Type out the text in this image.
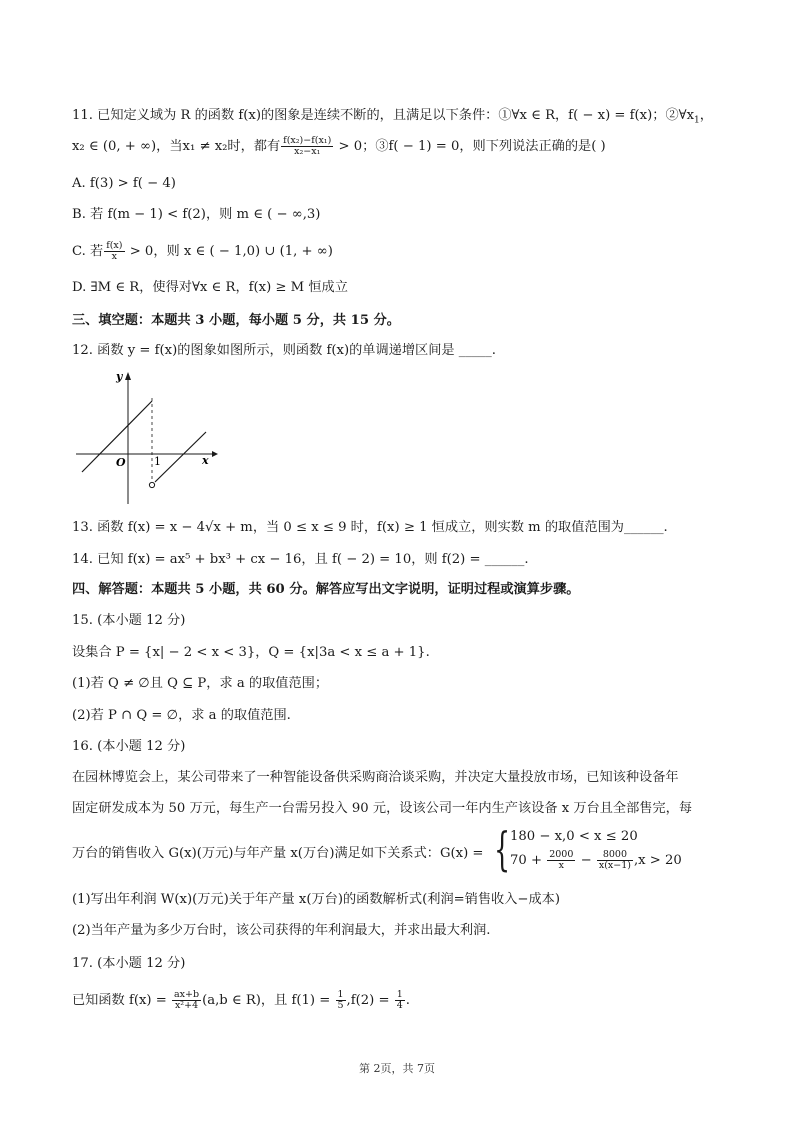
11. 已知定义域为 R 的函数 f(x)的图象是连续不断的，且满足以下条件：①∀x ∈ R，f( − x) = f(x)；$②\forall x_1$，
x₂ ∈ (0, + ∞)，当x₁ ≠ x₂时，都有 $\frac{\text{f(x₂)−f(x₁)}}{\text{x₂−x₁}} > 0$；③f( − 1) = 0，则下列说法正确的是( )
A. f(3) > f( − 4)
B. 若 f(m − 1) < f(2)，则 m ∈ ( − ∞,3)
C. 若 $\frac{f(x)}{x} > 0$，则 x ∈ ( − 1,0) ∪ (1, + ∞)
D. ∃M ∈ R，使得对∀x ∈ R，f(x) ≥ M 恒成立
三、填空题：本题共 3 小题，每小题 5 分，共 15 分。
12. 函数 y = f(x)的图象如图所示，则函数 f(x)的单调递增区间是 _____.
y
x
O	1
13. 函数 f(x) = x − 4√x + m，当 0 ≤ x ≤ 9 时，f(x) ≥ 1 恒成立，则实数 m 的取值范围为______.
14. 已知 f(x) = ax⁵ + bx³ + cx − 16，且 f( − 2) = 10，则 f(2) = ______.
四、解答题：本题共 5 小题，共 60 分。解答应写出文字说明，证明过程或演算步骤。
15. (本小题 12 分)
设集合 P = {x| − 2 < x < 3}，Q = {x|3a < x ≤ a + 1}.
(1)若 Q ≠ ∅且 Q ⊆ P，求 a 的取值范围；
(2)若 P ∩ Q = ∅，求 a 的取值范围.
16. (本小题 12 分)
在园林博览会上，某公司带来了一种智能设备供采购商洽谈采购，并决定大量投放市场，已知该种设备年
固定研发成本为 50 万元，每生产一台需另投入 90 元，设该公司一年内生产该设备 x 万台且全部售完，每
万台的销售收入 G(x)(万元)与年产量 x(万台)满足如下关系式：G(x) = { 180 − x,0 < x ≤ 20
$70 + \frac{2000}{x} - \frac{8000}{x(x-1)} ,x > 20$
(1)写出年利润 W(x)(万元)关于年产量 x(万台)的函数解析式(利润=销售收入−成本)
(2)当年产量为多少万台时，该公司获得的年利润最大，并求出最大利润.
17. (本小题 12 分)
已知函数 $f(x) = \frac{ax+b}{\text{x²+4}} (a,b$ ∈ R)，且 $f(1) = \frac{1}{5} ,f(2) = \frac{1}{4}$ .
第 2页，共 7页
